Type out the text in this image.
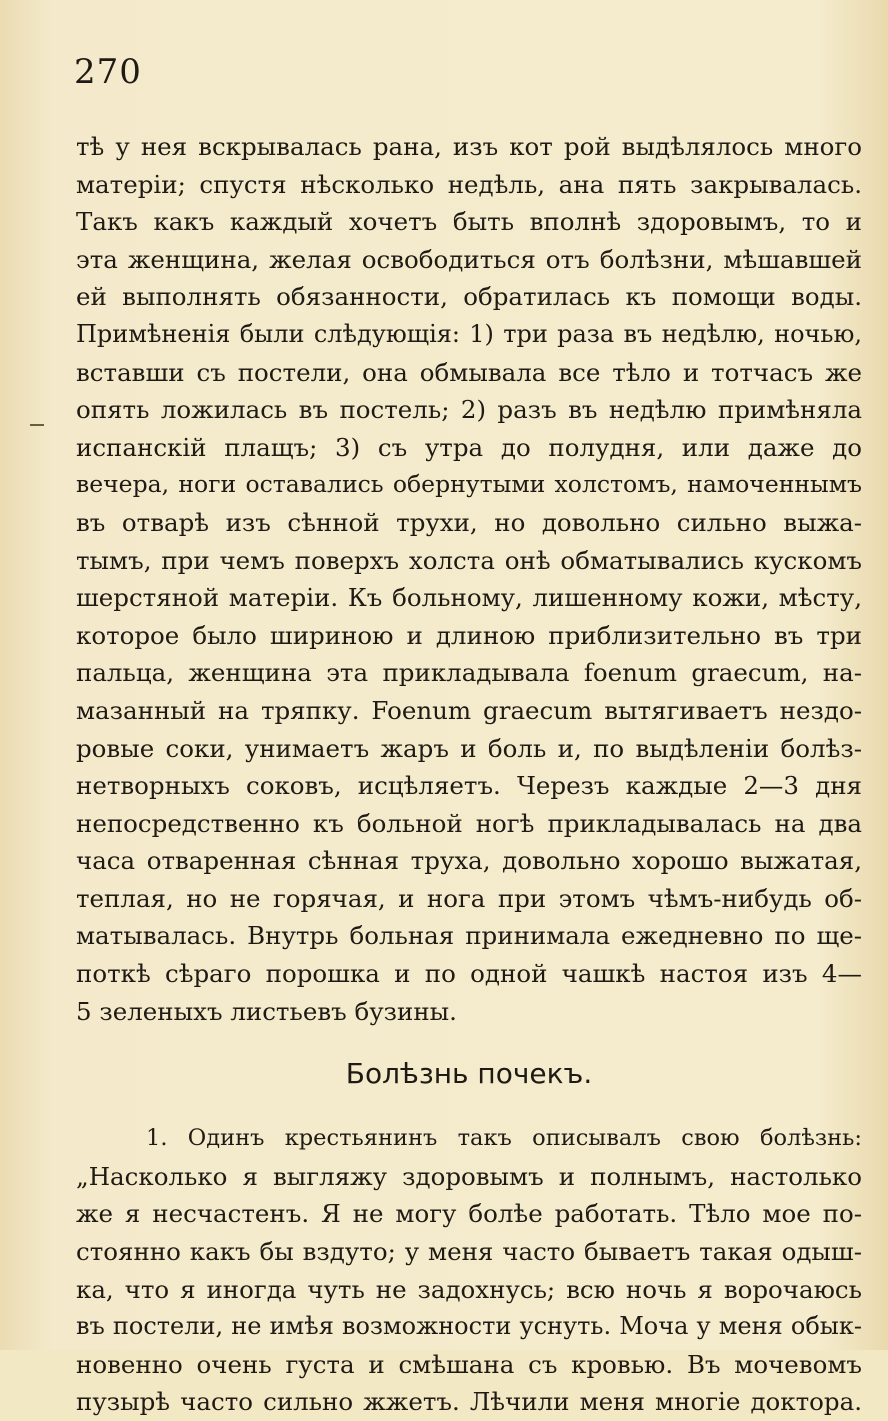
270
тѣ у нея вскрывалась рана, изъ кот рой выдѣлялось много
матеріи; спустя нѣсколько недѣль, ана пять закрывалась.
Такъ какъ каждый хочетъ быть вполнѣ здоровымъ, то и
эта женщина, желая освободиться отъ болѣзни, мѣшавшей
ей выполнять обязанности, обратилась къ помощи воды.
Примѣненія были слѣдующія: 1) три раза въ недѣлю, ночью,
вставши съ постели, она обмывала все тѣло и тотчасъ же
опять ложилась въ постель; 2) разъ въ недѣлю примѣняла
испанскій плащъ; 3) съ утра до полудня, или даже до
вечера, ноги оставались обернутыми холстомъ, намоченнымъ
въ отварѣ изъ сѣнной трухи, но довольно сильно выжа-
тымъ, при чемъ поверхъ холста онѣ обматывались кускомъ
шерстяной матеріи. Къ больному, лишенному кожи, мѣсту,
которое было шириною и длиною приблизительно въ три
пальца, женщина эта прикладывала foenum graecum, на-
мазанный на тряпку. Foenum graecum вытягиваетъ нездо-
ровые соки, унимаетъ жаръ и боль и, по выдѣленіи болѣз-
нетворныхъ соковъ, исцѣляетъ. Черезъ каждые 2—3 дня
непосредственно къ больной ногѣ прикладывалась на два
часа отваренная сѣнная труха, довольно хорошо выжатая,
теплая, но не горячая, и нога при этомъ чѣмъ-нибудь об-
матывалась. Внутрь больная принимала ежедневно по ще-
поткѣ сѣраго порошка и по одной чашкѣ настоя изъ 4—
5 зеленыхъ листьевъ бузины.
Болѣзнь почекъ.
1. Одинъ крестьянинъ такъ описывалъ свою болѣзнь:
„Насколько я выгляжу здоровымъ и полнымъ, настолько
же я несчастенъ. Я не могу болѣе работать. Тѣло мое по-
стоянно какъ бы вздуто; у меня часто бываетъ такая одыш-
ка, что я иногда чуть не задохнусь; всю ночь я ворочаюсь
въ постели, не имѣя возможности уснуть. Моча у меня обык-
новенно очень густа и смѣшана съ кровью. Въ мочевомъ
пузырѣ часто сильно жжетъ. Лѣчили меня многіе доктора.
